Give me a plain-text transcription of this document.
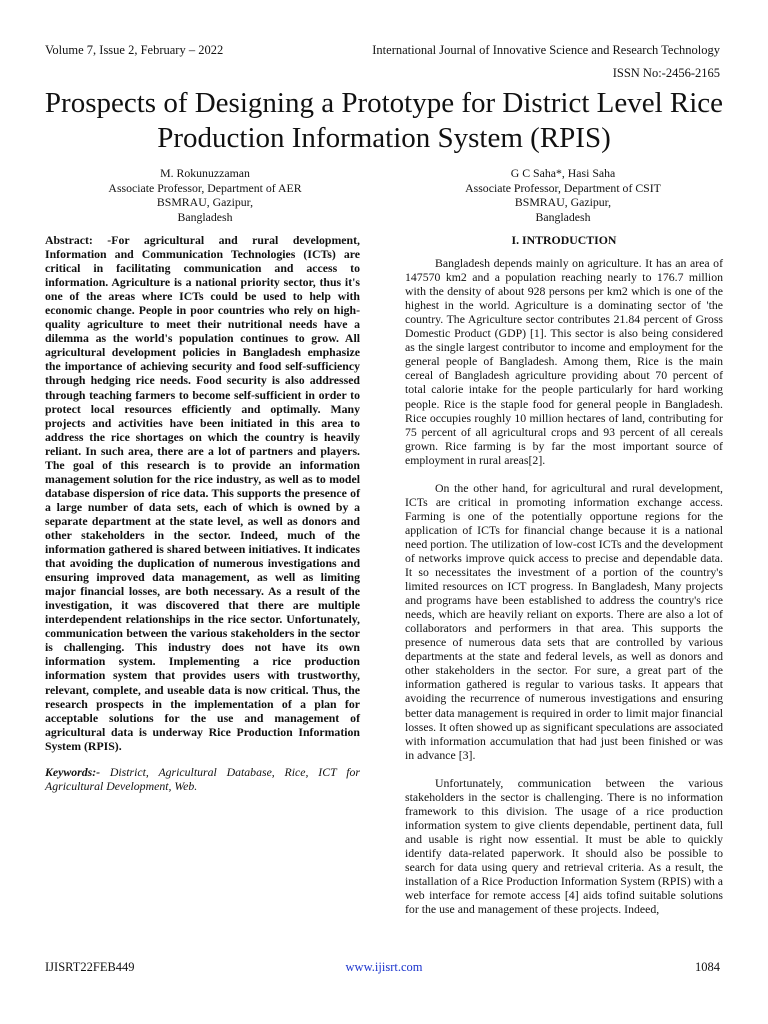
Volume 7, Issue 2, February – 2022	International Journal of Innovative Science and Research Technology
ISSN No:-2456-2165
Prospects of Designing a Prototype for District Level Rice Production Information System (RPIS)
M. Rokunuzzaman
Associate Professor, Department of AER
BSMRAU, Gazipur,
Bangladesh
G C Saha*, Hasi Saha
Associate Professor, Department of CSIT
BSMRAU, Gazipur,
Bangladesh

Abstract: -For agricultural and rural development, Information and Communication Technologies (ICTs) are critical in facilitating communication and access to information. Agriculture is a national priority sector, thus it's one of the areas where ICTs could be used to help with economic change. People in poor countries who rely on high-quality agriculture to meet their nutritional needs have a dilemma as the world's population continues to grow. All agricultural development policies in Bangladesh emphasize the importance of achieving security and food self-sufficiency through hedging rice needs. Food security is also addressed through teaching farmers to become self-sufficient in order to protect local resources efficiently and optimally. Many projects and activities have been initiated in this area to address the rice shortages on which the country is heavily reliant. In such area, there are a lot of partners and players. The goal of this research is to provide an information management solution for the rice industry, as well as to model database dispersion of rice data. This supports the presence of a large number of data sets, each of which is owned by a separate department at the state level, as well as donors and other stakeholders in the sector. Indeed, much of the information gathered is shared between initiatives. It indicates that avoiding the duplication of numerous investigations and ensuring improved data management, as well as limiting major financial losses, are both necessary. As a result of the investigation, it was discovered that there are multiple interdependent relationships in the rice sector. Unfortunately, communication between the various stakeholders in the sector is challenging. This industry does not have its own information system. Implementing a rice production information system that provides users with trustworthy, relevant, complete, and useable data is now critical. Thus, the research prospects in the implementation of a plan for acceptable solutions for the use and management of agricultural data is underway Rice Production Information System (RPIS).

Keywords:- District, Agricultural Database, Rice, ICT for Agricultural Development, Web.

I. INTRODUCTION

Bangladesh depends mainly on agriculture. It has an area of 147570 km2 and a population reaching nearly to 176.7 million with the density of about 928 persons per km2 which is one of the highest in the world. Agriculture is a dominating sector of 'the country. The Agriculture sector contributes 21.84 percent of Gross Domestic Product (GDP) [1]. This sector is also being considered as the single largest contributor to income and employment for the general people of Bangladesh. Among them, Rice is the main cereal of Bangladesh agriculture providing about 70 percent of total calorie intake for the people particularly for hard working people. Rice is the staple food for general people in Bangladesh. Rice occupies roughly 10 million hectares of land, contributing for 75 percent of all agricultural crops and 93 percent of all cereals grown. Rice farming is by far the most important source of employment in rural areas[2].

On the other hand, for agricultural and rural development, ICTs are critical in promoting information exchange access. Farming is one of the potentially opportune regions for the application of ICTs for financial change because it is a national need portion. The utilization of low-cost ICTs and the development of networks improve quick access to precise and dependable data. It so necessitates the investment of a portion of the country's limited resources on ICT progress. In Bangladesh, Many projects and programs have been established to address the country's rice needs, which are heavily reliant on exports. There are also a lot of collaborators and performers in that area. This supports the presence of numerous data sets that are controlled by various departments at the state and federal levels, as well as donors and other stakeholders in the sector. For sure, a great part of the information gathered is regular to various tasks. It appears that avoiding the recurrence of numerous investigations and ensuring better data management is required in order to limit major financial losses. It often showed up as significant speculations are associated with information accumulation that had just been finished or was in advance [3].

Unfortunately, communication between the various stakeholders in the sector is challenging. There is no information framework to this division. The usage of a rice production information system to give clients dependable, pertinent data, full and usable is right now essential. It must be able to quickly identify data-related paperwork. It should also be possible to search for data using query and retrieval criteria. As a result, the installation of a Rice Production Information System (RPIS) with a web interface for remote access [4] aids tofind suitable solutions for the use and management of these projects. Indeed,

IJISRT22FEB449	www.ijisrt.com	1084
